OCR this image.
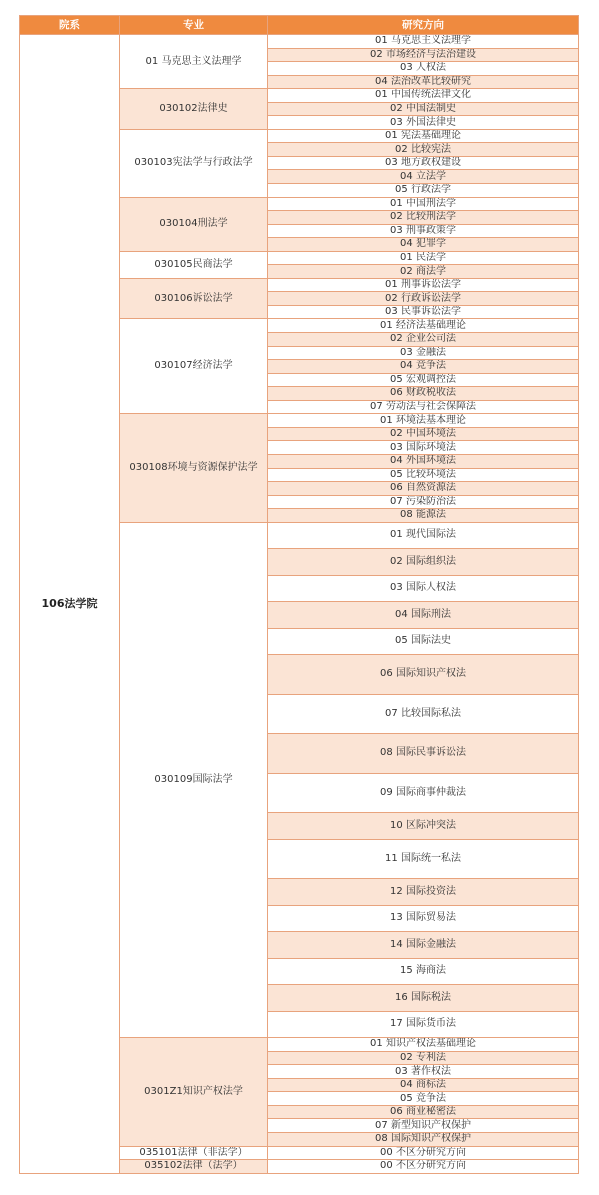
院系	专业	研究方向
106法学院	01 马克思主义法理学	01 马克思主义法理学
		02 市场经济与法治建设
		03 人权法
		04 法治改革比较研究
	030102法律史	01 中国传统法律文化
		02 中国法制史
		03 外国法律史
	030103宪法学与行政法学	01 宪法基础理论
		02 比较宪法
		03 地方政权建设
		04 立法学
		05 行政法学
	030104刑法学	01 中国刑法学
		02 比较刑法学
		03 刑事政策学
		04 犯罪学
	030105民商法学	01 民法学
		02 商法学
	030106诉讼法学	01 刑事诉讼法学
		02 行政诉讼法学
		03 民事诉讼法学
	030107经济法学	01 经济法基础理论
		02 企业公司法
		03 金融法
		04 竞争法
		05 宏观调控法
		06 财政税收法
		07 劳动法与社会保障法
	030108环境与资源保护法学	01 环境法基本理论
		02 中国环境法
		03 国际环境法
		04 外国环境法
		05 比较环境法
		06 自然资源法
		07 污染防治法
		08 能源法
	030109国际法学	01 现代国际法
		02 国际组织法
		03 国际人权法
		04 国际刑法
		05 国际法史
		06 国际知识产权法
		07 比较国际私法
		08 国际民事诉讼法
		09 国际商事仲裁法
		10 区际冲突法
		11 国际统一私法
		12 国际投资法
		13 国际贸易法
		14 国际金融法
		15 海商法
		16 国际税法
		17 国际货币法
	0301Z1知识产权法学	01 知识产权法基础理论
		02 专利法
		03 著作权法
		04 商标法
		05 竞争法
		06 商业秘密法
		07 新型知识产权保护
		08 国际知识产权保护
	035101法律（非法学）	00 不区分研究方向
	035102法律（法学）	00 不区分研究方向
